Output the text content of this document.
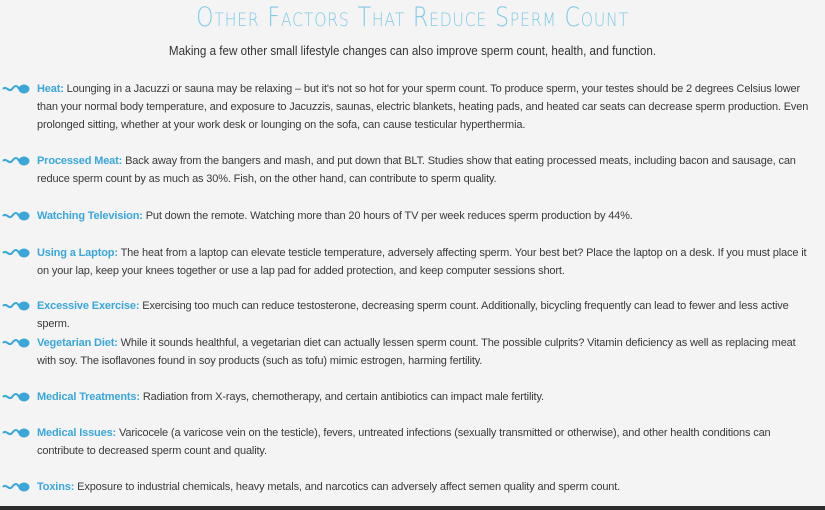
Other Factors That Reduce Sperm Count
Making a few other small lifestyle changes can also improve sperm count, health, and function.
Heat: Lounging in a Jacuzzi or sauna may be relaxing – but it's not so hot for your sperm count. To produce sperm, your testes should be 2 degrees Celsius lower than your normal body temperature, and exposure to Jacuzzis, saunas, electric blankets, heating pads, and heated car seats can decrease sperm production. Even prolonged sitting, whether at your work desk or lounging on the sofa, can cause testicular hyperthermia.
Processed Meat: Back away from the bangers and mash, and put down that BLT. Studies show that eating processed meats, including bacon and sausage, can reduce sperm count by as much as 30%. Fish, on the other hand, can contribute to sperm quality.
Watching Television: Put down the remote. Watching more than 20 hours of TV per week reduces sperm production by 44%.
Using a Laptop: The heat from a laptop can elevate testicle temperature, adversely affecting sperm. Your best bet? Place the laptop on a desk. If you must place it on your lap, keep your knees together or use a lap pad for added protection, and keep computer sessions short.
Excessive Exercise: Exercising too much can reduce testosterone, decreasing sperm count. Additionally, bicycling frequently can lead to fewer and less active sperm.
Vegetarian Diet: While it sounds healthful, a vegetarian diet can actually lessen sperm count. The possible culprits? Vitamin deficiency as well as replacing meat with soy. The isoflavones found in soy products (such as tofu) mimic estrogen, harming fertility.
Medical Treatments: Radiation from X-rays, chemotherapy, and certain antibiotics can impact male fertility.
Medical Issues: Varicocele (a varicose vein on the testicle), fevers, untreated infections (sexually transmitted or otherwise), and other health conditions can contribute to decreased sperm count and quality.
Toxins: Exposure to industrial chemicals, heavy metals, and narcotics can adversely affect semen quality and sperm count.
